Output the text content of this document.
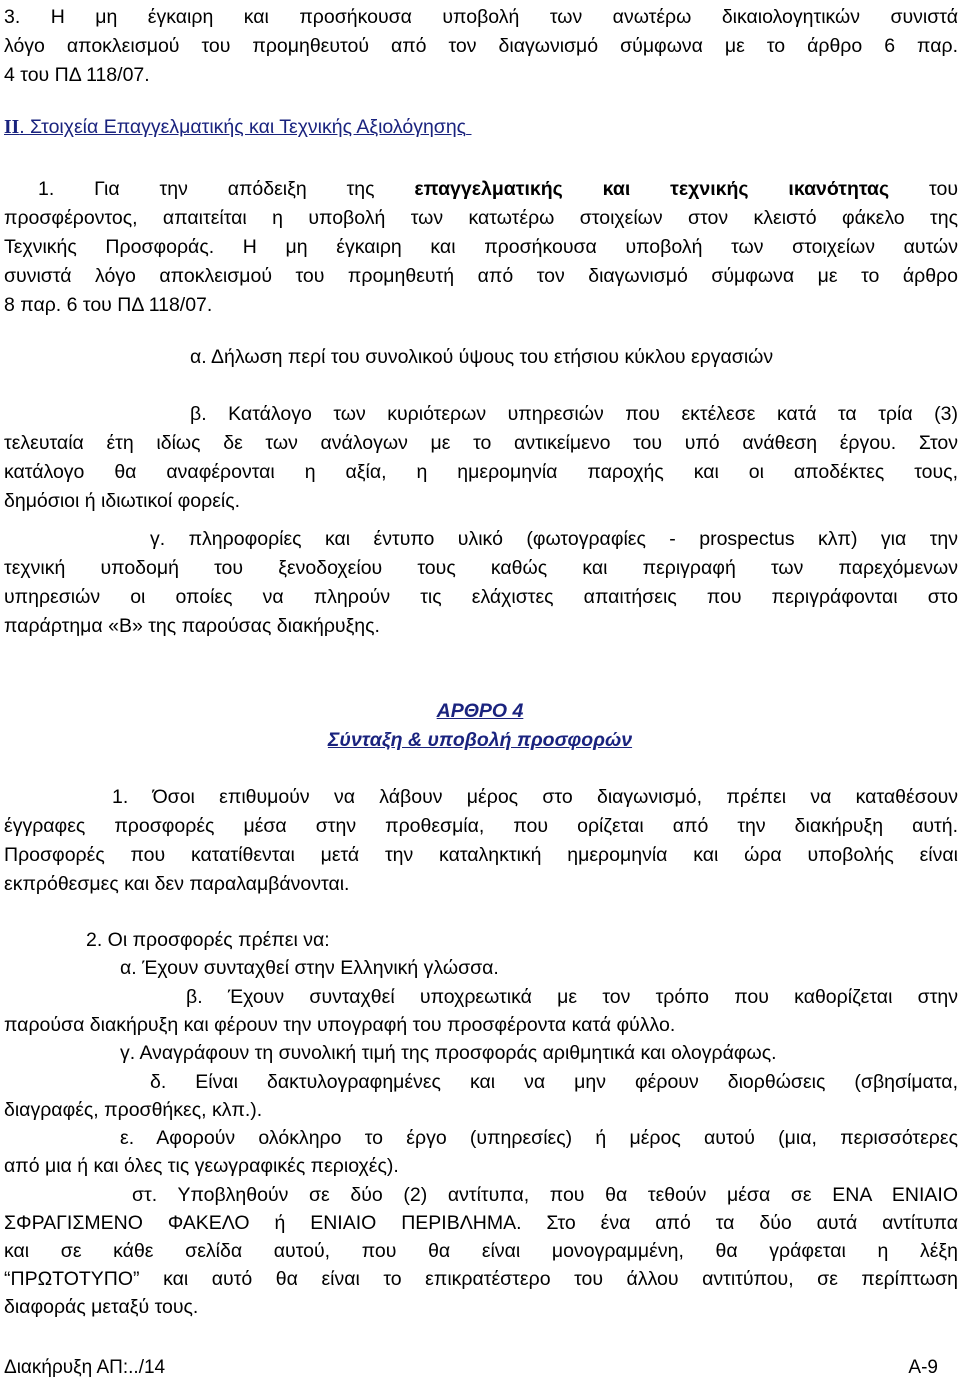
3. Η μη έγκαιρη και προσήκουσα υποβολή των ανωτέρω δικαιολογητικών συνιστά
λόγο αποκλεισμού του προμηθευτού από τον διαγωνισμό σύμφωνα με το άρθρο 6 παρ.
4 του ΠΔ 118/07.
II. Στοιχεία Επαγγελματικής και Τεχνικής Αξιολόγησης
1. Για την απόδειξη της επαγγελματικής και τεχνικής ικανότητας του
προσφέροντος, απαιτείται η υποβολή των κατωτέρω στοιχείων στον κλειστό φάκελο της
Τεχνικής Προσφοράς. Η μη έγκαιρη και προσήκουσα υποβολή των στοιχείων αυτών
συνιστά λόγο αποκλεισμού του προμηθευτή από τον διαγωνισμό σύμφωνα με το άρθρο
8 παρ. 6 του ΠΔ 118/07.
α. Δήλωση περί του συνολικού ύψους του ετήσιου κύκλου εργασιών
β. Κατάλογο των κυριότερων υπηρεσιών που εκτέλεσε κατά τα τρία (3)
τελευταία έτη ιδίως δε των ανάλογων με το αντικείμενο του υπό ανάθεση έργου. Στον
κατάλογο θα αναφέρονται η αξία, η ημερομηνία παροχής και οι αποδέκτες τους,
δημόσιοι ή ιδιωτικοί φορείς.
γ. πληροφορίες και έντυπο υλικό (φωτογραφίες - prospectus κλπ) για την
τεχνική υποδομή του ξενοδοχείου τους καθώς και περιγραφή των παρεχόμενων
υπηρεσιών οι οποίες να πληρούν τις ελάχιστες απαιτήσεις που περιγράφονται στο
παράρτημα «Β» της παρούσας διακήρυξης.
ΑΡΘΡΟ 4
Σύνταξη & υποβολή προσφορών
1. Όσοι επιθυμούν να λάβουν μέρος στο διαγωνισμό, πρέπει να καταθέσουν
έγγραφες προσφορές μέσα στην προθεσμία, που ορίζεται από την διακήρυξη αυτή.
Προσφορές που κατατίθενται μετά την καταληκτική ημερομηνία και ώρα υποβολής είναι
εκπρόθεσμες και δεν παραλαμβάνονται.
2. Οι προσφορές πρέπει να:
α. Έχουν συνταχθεί στην Ελληνική γλώσσα.
β. Έχουν συνταχθεί υποχρεωτικά με τον τρόπο που καθορίζεται στην
παρούσα διακήρυξη και φέρουν την υπογραφή του προσφέροντα κατά φύλλο.
γ. Αναγράφουν τη συνολική τιμή της προσφοράς αριθμητικά και ολογράφως.
δ. Είναι δακτυλογραφημένες και να μην φέρουν διορθώσεις (σβησίματα,
διαγραφές, προσθήκες, κλπ.).
ε. Αφορούν ολόκληρο το έργο (υπηρεσίες) ή μέρος αυτού (μια, περισσότερες
από μια ή και όλες τις γεωγραφικές περιοχές).
στ. Υποβληθούν σε δύο (2) αντίτυπα, που θα τεθούν μέσα σε ΕΝΑ ΕΝΙΑΙΟ
ΣΦΡΑΓΙΣΜΕΝΟ ΦΑΚΕΛΟ ή ΕΝΙΑΙΟ ΠΕΡΙΒΛΗΜΑ. Στο ένα από τα δύο αυτά αντίτυπα
και σε κάθε σελίδα αυτού, που θα είναι μονογραμμένη, θα γράφεται η λέξη
“ΠΡΩΤΟΤΥΠΟ” και αυτό θα είναι το επικρατέστερο του άλλου αντιτύπου, σε περίπτωση
διαφοράς μεταξύ τους.
Διακήρυξη ΑΠ:../14	Α-9
